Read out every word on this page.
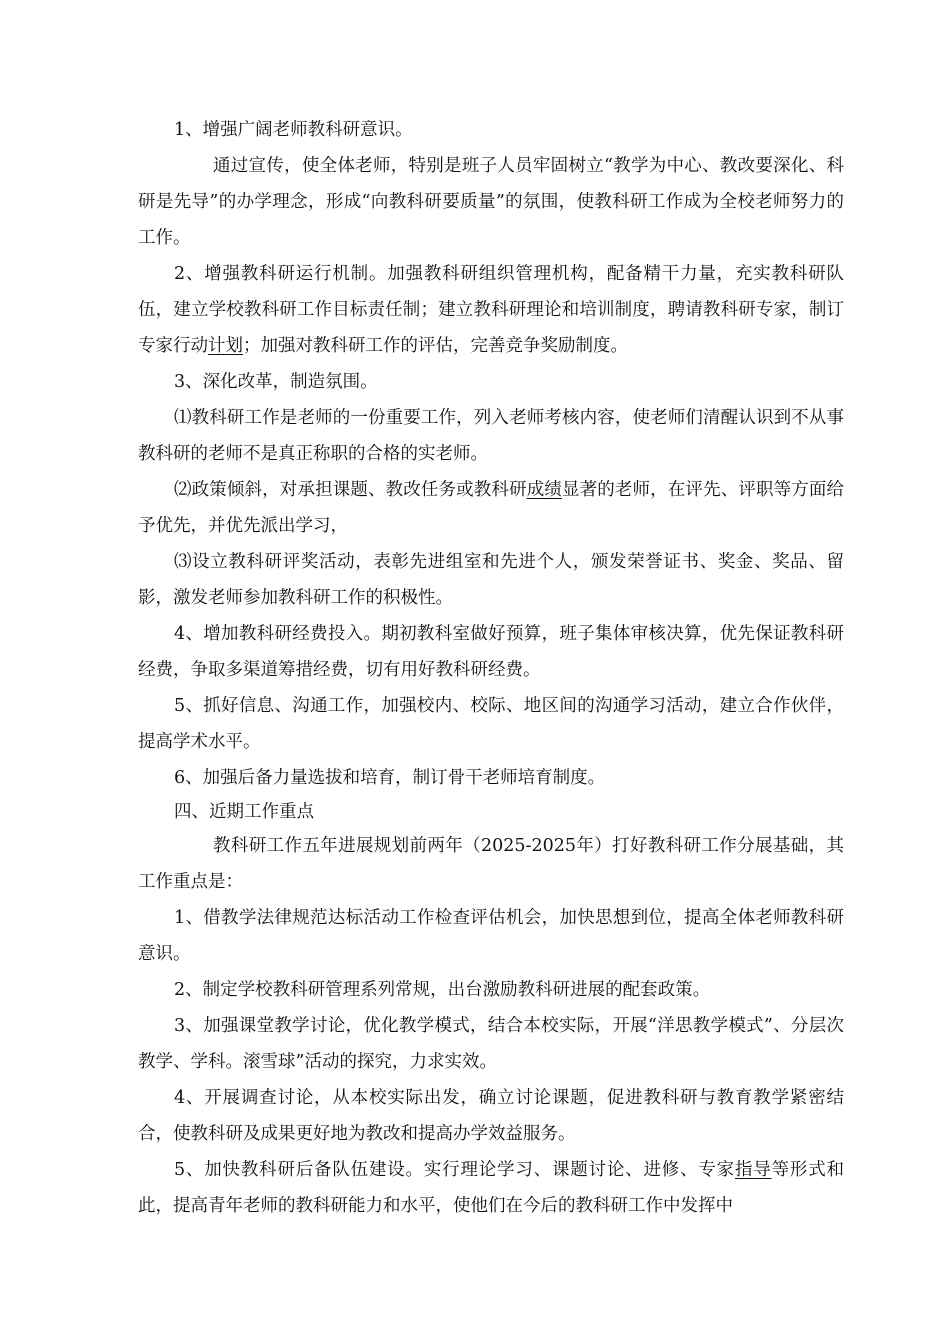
1、增强广阔老师教科研意识。

通过宣传，使全体老师，特别是班子人员牢固树立“教学为中心、教改要深化、科研是先导”的办学理念，形成“向教科研要质量”的氛围，使教科研工作成为全校老师努力的工作。

2、增强教科研运行机制。加强教科研组织管理机构，配备精干力量，充实教科研队伍，建立学校教科研工作目标责任制；建立教科研理论和培训制度，聘请教科研专家，制订专家行动计划；加强对教科研工作的评估，完善竞争奖励制度。

3、深化改革，制造氛围。

⑴教科研工作是老师的一份重要工作，列入老师考核内容，使老师们清醒认识到不从事教科研的老师不是真正称职的合格的实老师。

⑵政策倾斜，对承担课题、教改任务或教科研成绩显著的老师，在评先、评职等方面给予优先，并优先派出学习，

⑶设立教科研评奖活动，表彰先进组室和先进个人，颁发荣誉证书、奖金、奖品、留影，激发老师参加教科研工作的积极性。

4、增加教科研经费投入。期初教科室做好预算，班子集体审核决算，优先保证教科研经费，争取多渠道筹措经费，切有用好教科研经费。

5、抓好信息、沟通工作，加强校内、校际、地区间的沟通学习活动，建立合作伙伴，提高学术水平。

6、加强后备力量选拔和培育，制订骨干老师培育制度。

四、近期工作重点

教科研工作五年进展规划前两年（2025-2025年）打好教科研工作分展基础，其工作重点是：

1、借教学法律规范达标活动工作检查评估机会，加快思想到位，提高全体老师教科研意识。

2、制定学校教科研管理系列常规，出台激励教科研进展的配套政策。

3、加强课堂教学讨论，优化教学模式，结合本校实际，开展“洋思教学模式”、分层次教学、学科。滚雪球”活动的探究，力求实效。

4、开展调查讨论，从本校实际出发，确立讨论课题，促进教科研与教育教学紧密结合，使教科研及成果更好地为教改和提高办学效益服务。

5、加快教科研后备队伍建设。实行理论学习、课题讨论、进修、专家指导等形式和此，提高青年老师的教科研能力和水平，使他们在今后的教科研工作中发挥中
